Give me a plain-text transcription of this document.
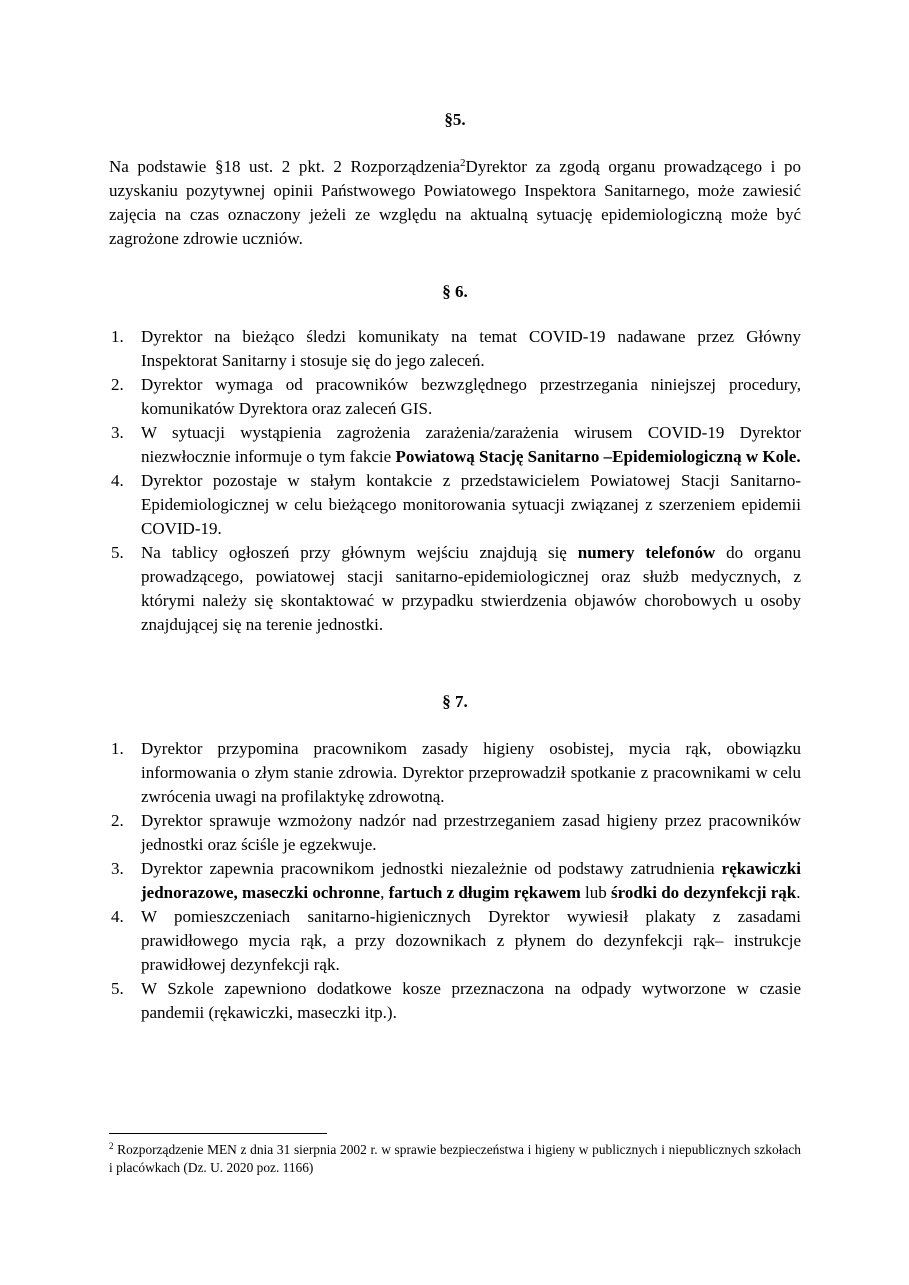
§5.
Na podstawie §18 ust. 2 pkt. 2 Rozporządzenia$^2$Dyrektor za zgodą organu prowadzącego i po uzyskaniu pozytywnej opinii Państwowego Powiatowego Inspektora Sanitarnego, może zawiesić zajęcia na czas oznaczony jeżeli ze względu na aktualną sytuację epidemiologiczną może być zagrożone zdrowie uczniów.
§ 6.
1. Dyrektor na bieżąco śledzi komunikaty na temat COVID-19 nadawane przez Główny Inspektorat Sanitarny i stosuje się do jego zaleceń.
2. Dyrektor wymaga od pracowników bezwzględnego przestrzegania niniejszej procedury, komunikatów Dyrektora oraz zaleceń GIS.
3. W sytuacji wystąpienia zagrożenia zarażenia/zarażenia wirusem COVID-19 Dyrektor niezwłocznie informuje o tym fakcie Powiatową Stację Sanitarno –Epidemiologiczną w Kole.
4. Dyrektor pozostaje w stałym kontakcie z przedstawicielem Powiatowej Stacji Sanitarno-Epidemiologicznej w celu bieżącego monitorowania sytuacji związanej z szerzeniem epidemii COVID-19.
5. Na tablicy ogłoszeń przy głównym wejściu znajdują się numery telefonów do organu prowadzącego, powiatowej stacji sanitarno-epidemiologicznej oraz służb medycznych, z którymi należy się skontaktować w przypadku stwierdzenia objawów chorobowych u osoby znajdującej się na terenie jednostki.
§ 7.
1. Dyrektor przypomina pracownikom zasady higieny osobistej, mycia rąk, obowiązku informowania o złym stanie zdrowia. Dyrektor przeprowadził spotkanie z pracownikami w celu zwrócenia uwagi na profilaktykę zdrowotną.
2. Dyrektor sprawuje wzmożony nadzór nad przestrzeganiem zasad higieny przez pracowników jednostki oraz ściśle je egzekwuje.
3. Dyrektor zapewnia pracownikom jednostki niezależnie od podstawy zatrudnienia rękawiczki jednorazowe, maseczki ochronne, fartuch z długim rękawem lub środki do dezynfekcji rąk.
4. W pomieszczeniach sanitarno-higienicznych Dyrektor wywiesił plakaty z zasadami prawidłowego mycia rąk, a przy dozownikach z płynem do dezynfekcji rąk– instrukcje prawidłowej dezynfekcji rąk.
5. W Szkole zapewniono dodatkowe kosze przeznaczona na odpady wytworzone w czasie pandemii (rękawiczki, maseczki itp.).
$^2$ Rozporządzenie MEN z dnia 31 sierpnia 2002 r. w sprawie bezpieczeństwa i higieny w publicznych i niepublicznych szkołach i placówkach (Dz. U. 2020 poz. 1166)
